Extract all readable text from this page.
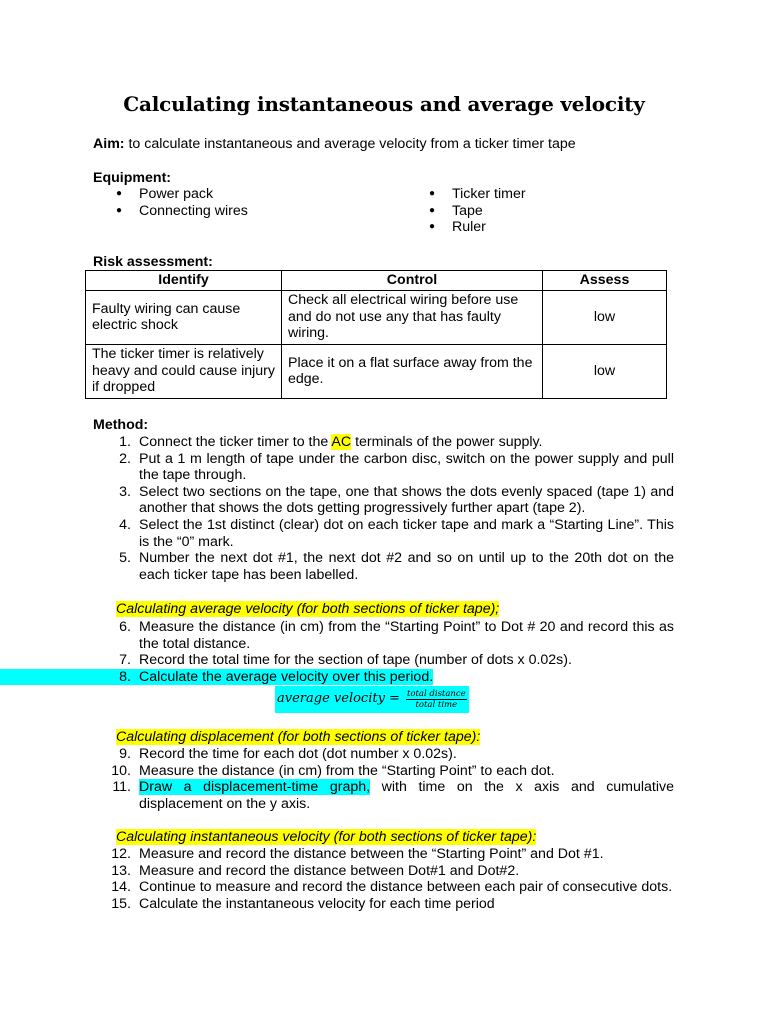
Calculating instantaneous and average velocity
Aim: to calculate instantaneous and average velocity from a ticker timer tape
Equipment:
● Power pack
● Connecting wires
● Ticker timer
● Tape
● Ruler
Risk assessment:
Identify	Control	Assess
Faulty wiring can cause electric shock	Check all electrical wiring before use and do not use any that has faulty wiring.	low
The ticker timer is relatively heavy and could cause injury if dropped	Place it on a flat surface away from the edge.	low
Method:
1. Connect the ticker timer to the AC terminals of the power supply.
2. Put a 1 m length of tape under the carbon disc, switch on the power supply and pull the tape through.
3. Select two sections on the tape, one that shows the dots evenly spaced (tape 1) and another that shows the dots getting progressively further apart (tape 2).
4. Select the 1st distinct (clear) dot on each ticker tape and mark a “Starting Line”. This is the “0” mark.
5. Number the next dot #1, the next dot #2 and so on until up to the 20th dot on the each ticker tape has been labelled.
Calculating average velocity (for both sections of ticker tape);
6. Measure the distance (in cm) from the “Starting Point” to Dot # 20 and record this as the total distance.
7. Record the total time for the section of tape (number of dots x 0.02s).
8. Calculate the average velocity over this period.
average velocity = $\frac{\text{total distance}}{\text{total time}}$
Calculating displacement (for both sections of ticker tape):
9. Record the time for each dot (dot number x 0.02s).
10. Measure the distance (in cm) from the “Starting Point” to each dot.
11. Draw a displacement-time graph, with time on the x axis and cumulative displacement on the y axis.
Calculating instantaneous velocity (for both sections of ticker tape):
12. Measure and record the distance between the “Starting Point” and Dot #1.
13. Measure and record the distance between Dot#1 and Dot#2.
14. Continue to measure and record the distance between each pair of consecutive dots.
15. Calculate the instantaneous velocity for each time period
